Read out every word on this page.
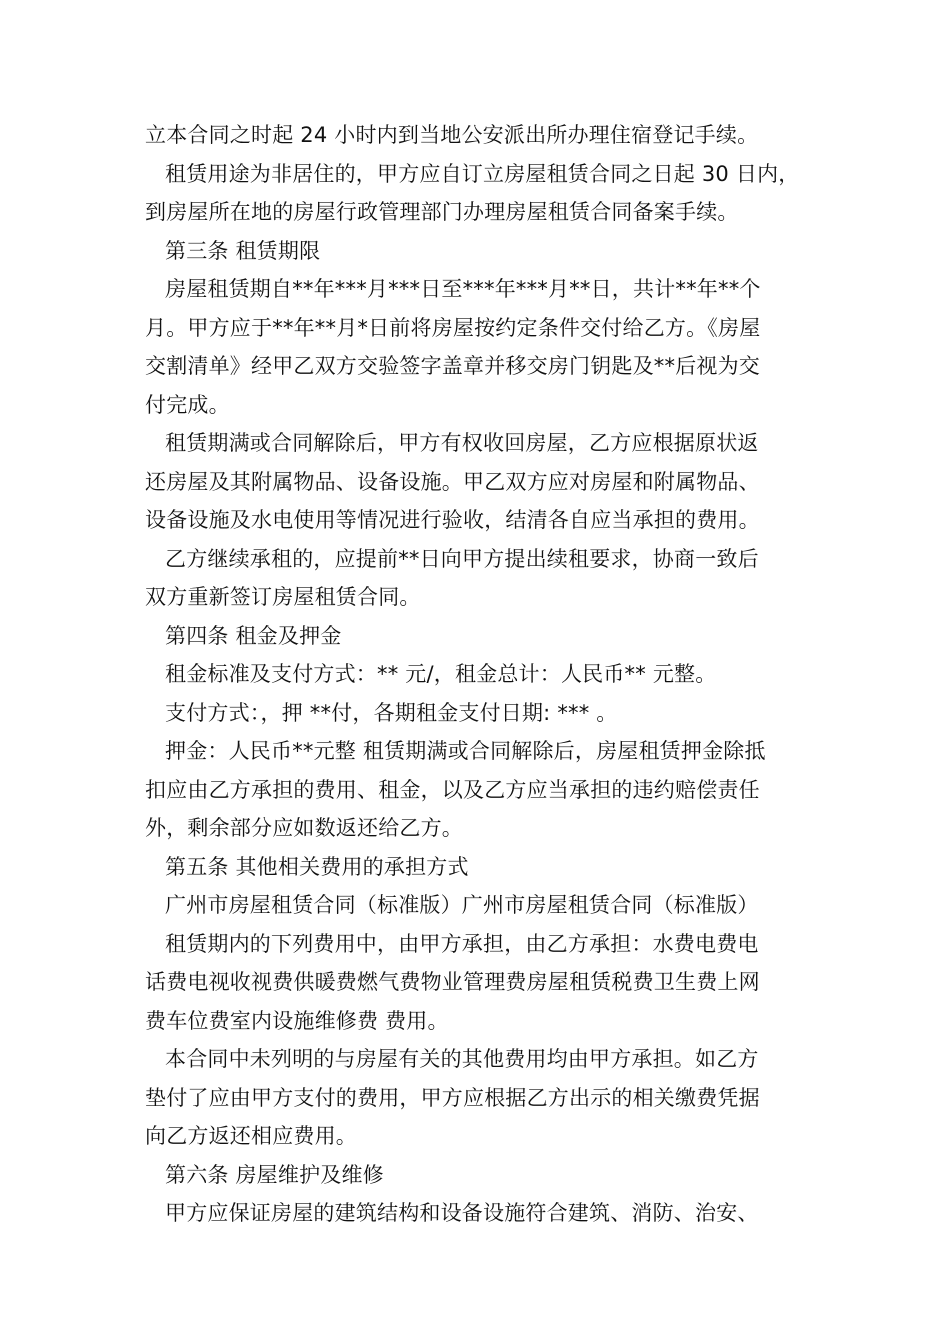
立本合同之时起 24 小时内到当地公安派出所办理住宿登记手续。
租赁用途为非居住的，甲方应自订立房屋租赁合同之日起 30 日内，
到房屋所在地的房屋行政管理部门办理房屋租赁合同备案手续。
第三条 租赁期限
房屋租赁期自**年***月***日至***年***月**日，共计**年**个
月。甲方应于**年**月*日前将房屋按约定条件交付给乙方。《房屋
交割清单》经甲乙双方交验签字盖章并移交房门钥匙及**后视为交
付完成。
租赁期满或合同解除后，甲方有权收回房屋，乙方应根据原状返
还房屋及其附属物品、设备设施。甲乙双方应对房屋和附属物品、
设备设施及水电使用等情况进行验收，结清各自应当承担的费用。
乙方继续承租的，应提前**日向甲方提出续租要求，协商一致后
双方重新签订房屋租赁合同。
第四条 租金及押金
租金标准及支付方式：** 元/，租金总计：人民币** 元整。
支付方式：，押 **付，各期租金支付日期: *** 。
押金：人民币**元整 租赁期满或合同解除后，房屋租赁押金除抵
扣应由乙方承担的费用、租金，以及乙方应当承担的违约赔偿责任
外，剩余部分应如数返还给乙方。
第五条 其他相关费用的承担方式
广州市房屋租赁合同（标准版）广州市房屋租赁合同（标准版）
租赁期内的下列费用中，由甲方承担，由乙方承担：水费电费电
话费电视收视费供暖费燃气费物业管理费房屋租赁税费卫生费上网
费车位费室内设施维修费 费用。
本合同中未列明的与房屋有关的其他费用均由甲方承担。如乙方
垫付了应由甲方支付的费用，甲方应根据乙方出示的相关缴费凭据
向乙方返还相应费用。
第六条 房屋维护及维修
甲方应保证房屋的建筑结构和设备设施符合建筑、消防、治安、
